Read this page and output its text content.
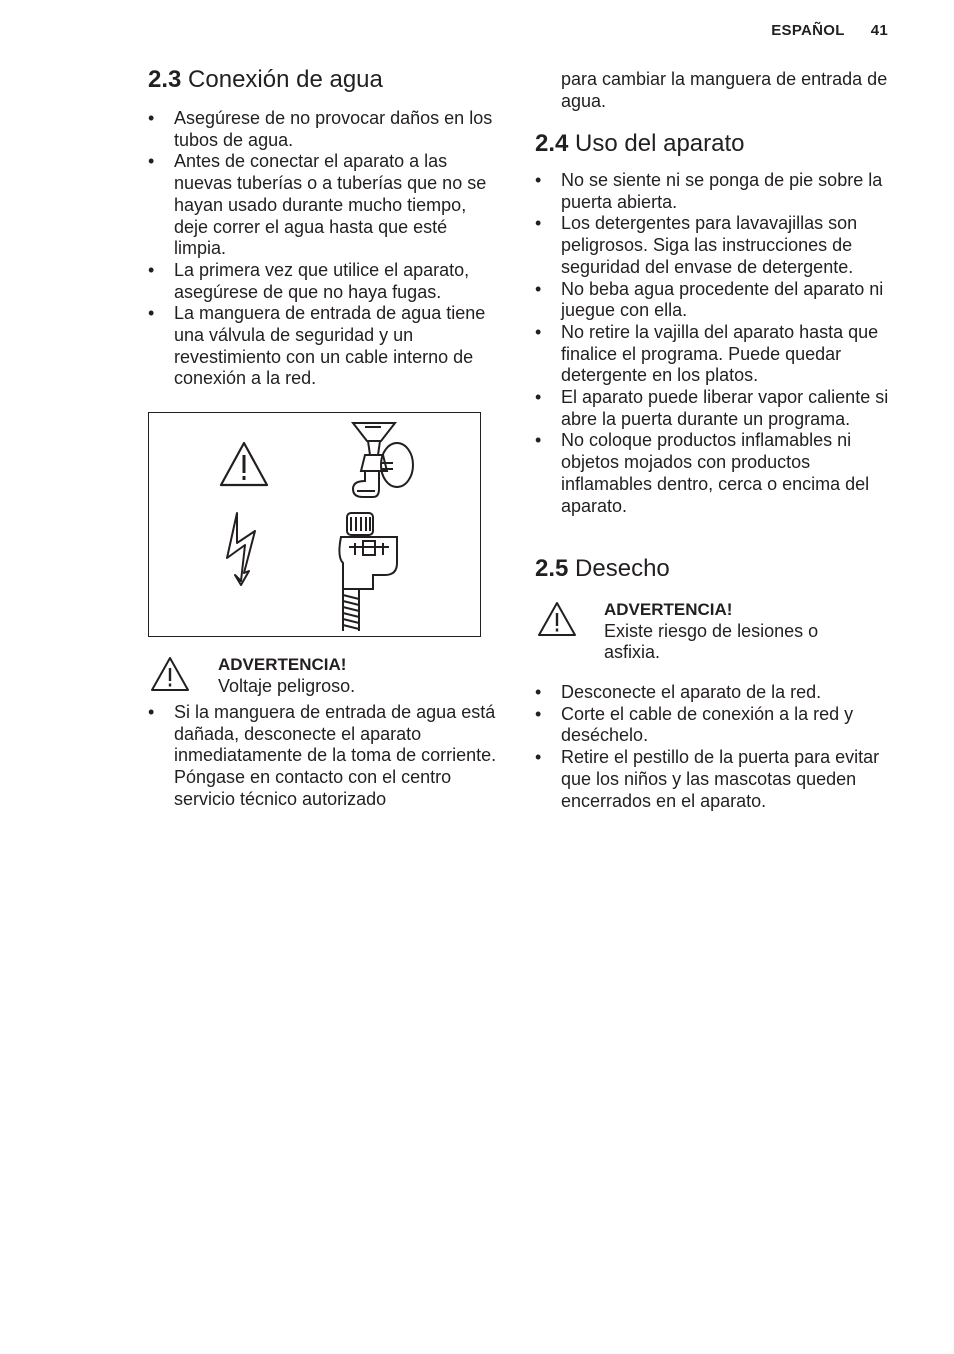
ESPAÑOL 41
2.3 Conexión de agua
• Asegúrese de no provocar daños en los tubos de agua.
• Antes de conectar el aparato a las nuevas tuberías o a tuberías que no se hayan usado durante mucho tiempo, deje correr el agua hasta que esté limpia.
• La primera vez que utilice el aparato, asegúrese de que no haya fugas.
• La manguera de entrada de agua tiene una válvula de seguridad y un revestimiento con un cable interno de conexión a la red.
ADVERTENCIA!
Voltaje peligroso.
• Si la manguera de entrada de agua está dañada, desconecte el aparato inmediatamente de la toma de corriente. Póngase en contacto con el centro servicio técnico autorizado
para cambiar la manguera de entrada de agua.
2.4 Uso del aparato
• No se siente ni se ponga de pie sobre la puerta abierta.
• Los detergentes para lavavajillas son peligrosos. Siga las instrucciones de seguridad del envase de detergente.
• No beba agua procedente del aparato ni juegue con ella.
• No retire la vajilla del aparato hasta que finalice el programa. Puede quedar detergente en los platos.
• El aparato puede liberar vapor caliente si abre la puerta durante un programa.
• No coloque productos inflamables ni objetos mojados con productos inflamables dentro, cerca o encima del aparato.
2.5 Desecho
ADVERTENCIA!
Existe riesgo de lesiones o asfixia.
• Desconecte el aparato de la red.
• Corte el cable de conexión a la red y deséchelo.
• Retire el pestillo de la puerta para evitar que los niños y las mascotas queden encerrados en el aparato.
